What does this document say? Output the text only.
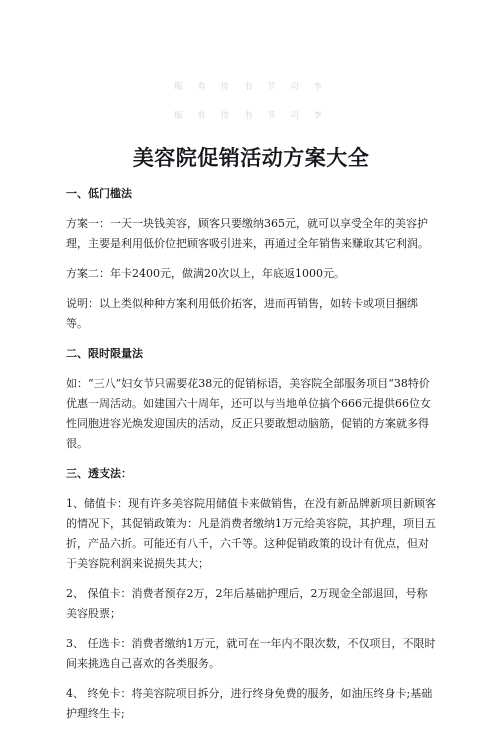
瓶 有 侍 书 节 司 李
瓶 有 侍 书 节 司 李
美容院促销活动方案大全
一、低门槛法

方案一：一天一块钱美容，顾客只要缴纳365元，就可以享受全年的美容护理，主要是利用低价位把顾客吸引进来，再通过全年销售来赚取其它利润。

方案二：年卡2400元，做满20次以上，年底返1000元。

说明：以上类似种种方案利用低价拓客，进而再销售，如转卡或项目捆绑等。

二、限时限量法

如：“三八”妇女节只需要花38元的促销标语，美容院全部服务项目“38特价优惠一周活动。如建国六十周年，还可以与当地单位搞个666元提供66位女性同胞进容光焕发迎国庆的活动，反正只要敢想动脑筋，促销的方案就多得很。

三、透支法：

1、储值卡：现有许多美容院用储值卡来做销售，在没有新品牌新项目新顾客的情况下，其促销政策为：凡是消费者缴纳1万元给美容院，其护理，项目五折，产品六折。可能还有八千，六千等。这种促销政策的设计有优点，但对于美容院利润来说损失其大；

2、 保值卡：消费者预存2万，2年后基础护理后，2万现金全部退回，号称美容股票；

3、 任选卡：消费者缴纳1万元，就可在一年内不限次数，不仅项目，不限时间来挑选自己喜欢的各类服务。

4、 终免卡：将美容院项目拆分，进行终身免费的服务，如油压终身卡;基础护理终生卡;
